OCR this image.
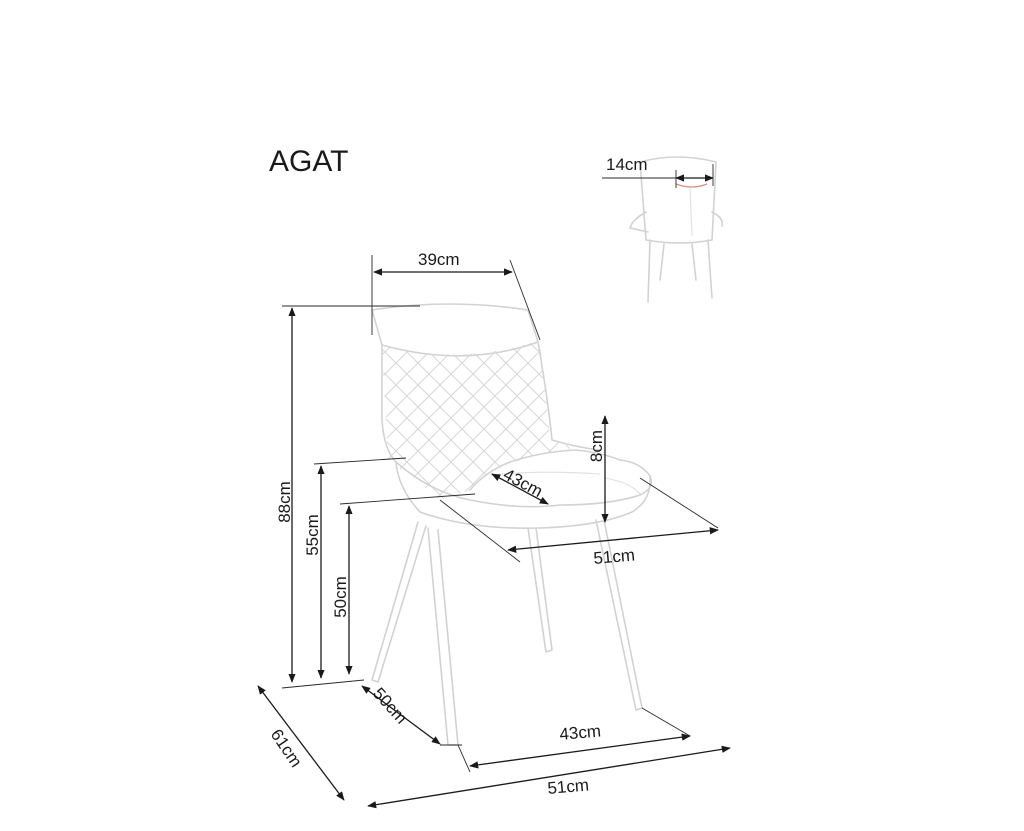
AGAT	14cm
39cm
88cm
55cm
50cm
8cm
43cm
51cm
50cm
43cm
61cm
51cm
